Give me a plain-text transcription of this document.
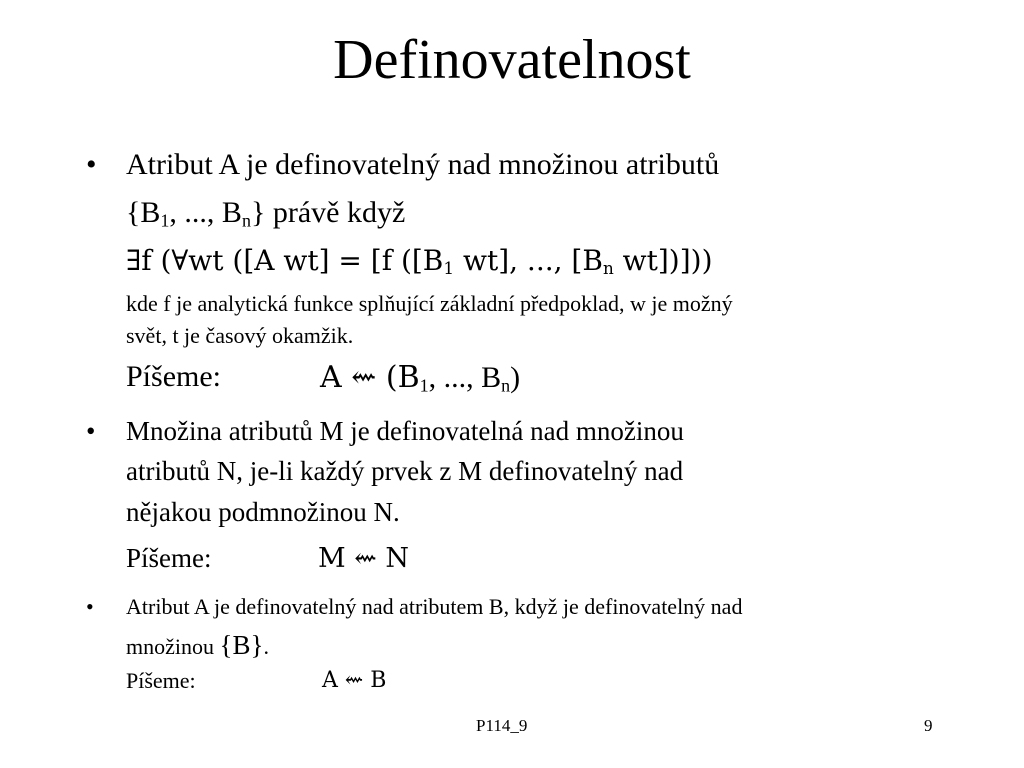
Definovatelnost
• Atribut A je definovatelný nad množinou atributů
{$B_1$, ..., $B_n$} právě když
∃f (∀wt ([A wt] = [f ([$B_1$ wt], ..., [$B_n$ wt])]))
kde f je analytická funkce splňující základní předpoklad, w je možný
svět, t je časový okamžik.
Píšeme:	A ⇜ ($B_1$, ..., $B_n$)
• Množina atributů M je definovatelná nad množinou
atributů N, je-li každý prvek z M definovatelný nad
nějakou podmnožinou N.
Píšeme:	M ⇜ N
• Atribut A je definovatelný nad atributem B, když je definovatelný nad
množinou {B}.
Píšeme:	A ⇜ B
P114_9	9
